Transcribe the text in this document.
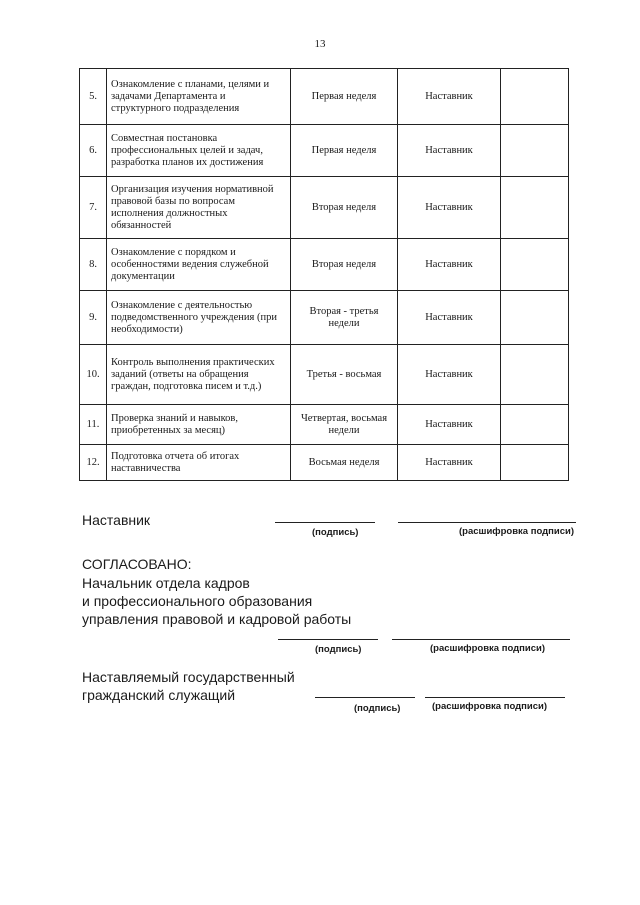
13
5.	Ознакомление с планами, целями и задачами Департамента и структурного подразделения	Первая неделя	Наставник	
6.	Совместная постановка профессиональных целей и задач, разработка планов их достижения	Первая неделя	Наставник	
7.	Организация изучения нормативной правовой базы по вопросам исполнения должностных обязанностей	Вторая неделя	Наставник	
8.	Ознакомление с порядком и особенностями ведения служебной документации	Вторая неделя	Наставник	
9.	Ознакомление с деятельностью подведомственного учреждения (при необходимости)	Вторая - третья недели	Наставник	
10.	Контроль выполнения практических заданий (ответы на обращения граждан, подготовка писем и т.д.)	Третья - восьмая	Наставник	
11.	Проверка знаний и навыков, приобретенных за месяц)	Четвертая, восьмая недели	Наставник	
12.	Подготовка отчета об итогах наставничества	Восьмая неделя	Наставник	
Наставник
(подпись)	(расшифровка подписи)
СОГЛАСОВАНО:
Начальник отдела кадров
и профессионального образования
управления правовой и кадровой работы
(подпись)	(расшифровка подписи)
Наставляемый государственный
гражданский служащий
(подпись)	(расшифровка подписи)
